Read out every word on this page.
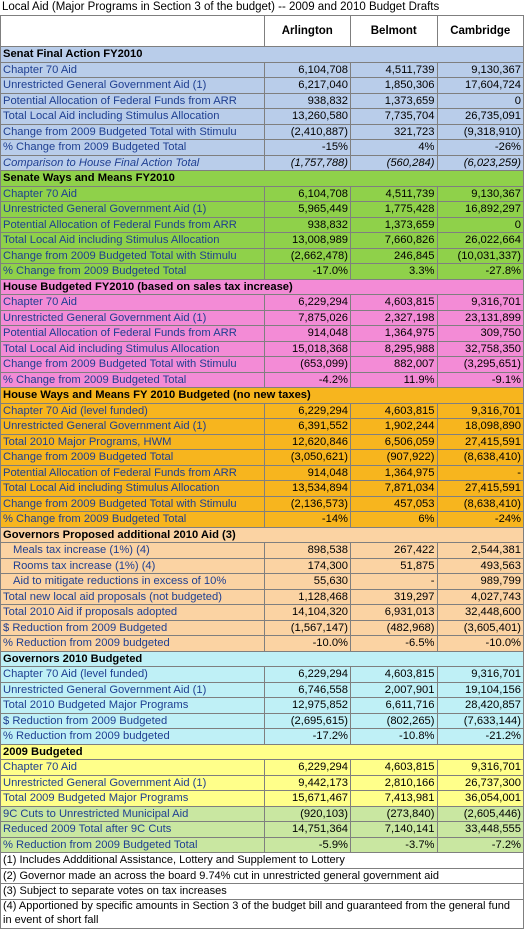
Local Aid (Major Programs in Section 3 of the budget) -- 2009 and 2010 Budget Drafts
	Arlington	Belmont	Cambridge
Senat Final Action FY2010			
Chapter 70 Aid	6,104,708	4,511,739	9,130,367
Unrestricted General Government Aid (1)	6,217,040	1,850,306	17,604,724
Potential Allocation of Federal Funds from ARR	938,832	1,373,659	0
Total Local Aid including Stimulus Allocation	13,260,580	7,735,704	26,735,091
Change from 2009 Budgeted Total with Stimulu	(2,410,887)	321,723	(9,318,910)
% Change from 2009 Budgeted Total	-15%	4%	-26%
Comparison to House Final Action Total	(1,757,788)	(560,284)	(6,023,259)
Senate Ways and Means FY2010			
Chapter 70 Aid	6,104,708	4,511,739	9,130,367
Unrestricted General Government Aid (1)	5,965,449	1,775,428	16,892,297
Potential Allocation of Federal Funds from ARR	938,832	1,373,659	0
Total Local Aid including Stimulus Allocation	13,008,989	7,660,826	26,022,664
Change from 2009 Budgeted Total with Stimulu	(2,662,478)	246,845	(10,031,337)
% Change from 2009 Budgeted Total	-17.0%	3.3%	-27.8%
House Budgeted FY2010 (based on sales tax increase)			
Chapter 70 Aid	6,229,294	4,603,815	9,316,701
Unrestricted General Government Aid (1)	7,875,026	2,327,198	23,131,899
Potential Allocation of Federal Funds from ARR	914,048	1,364,975	309,750
Total Local Aid including Stimulus Allocation	15,018,368	8,295,988	32,758,350
Change from 2009 Budgeted Total with Stimulu	(653,099)	882,007	(3,295,651)
% Change from 2009 Budgeted Total	-4.2%	11.9%	-9.1%
House Ways and Means FY 2010 Budgeted (no new taxes)			
Chapter 70 Aid (level funded)	6,229,294	4,603,815	9,316,701
Unrestricted General Government Aid (1)	6,391,552	1,902,244	18,098,890
Total 2010 Major Programs, HWM	12,620,846	6,506,059	27,415,591
Change from 2009 Budgeted Total	(3,050,621)	(907,922)	(8,638,410)
Potential Allocation of Federal Funds from ARR	914,048	1,364,975	-
Total Local Aid including Stimulus Allocation	13,534,894	7,871,034	27,415,591
Change from 2009 Budgeted Total with Stimulu	(2,136,573)	457,053	(8,638,410)
% Change from 2009 Budgeted Total	-14%	6%	-24%
Governors Proposed additional 2010 Aid (3)			
Meals tax increase (1%) (4)	898,538	267,422	2,544,381
Rooms tax increase (1%) (4)	174,300	51,875	493,563
Aid to mitigate reductions in excess of 10%	55,630	-	989,799
Total new local aid proposals (not budgeted)	1,128,468	319,297	4,027,743
Total 2010 Aid if proposals adopted	14,104,320	6,931,013	32,448,600
$ Reduction from 2009 Budgeted	(1,567,147)	(482,968)	(3,605,401)
% Reduction from 2009 budgeted	-10.0%	-6.5%	-10.0%
Governors 2010 Budgeted			
Chapter 70 Aid (level funded)	6,229,294	4,603,815	9,316,701
Unrestricted General Government Aid (1)	6,746,558	2,007,901	19,104,156
Total 2010 Budgeted Major Programs	12,975,852	6,611,716	28,420,857
$ Reduction from 2009 Budgeted	(2,695,615)	(802,265)	(7,633,144)
% Reduction from 2009 budgeted	-17.2%	-10.8%	-21.2%
2009 Budgeted			
Chapter 70 Aid	6,229,294	4,603,815	9,316,701
Unrestricted General Government Aid (1)	9,442,173	2,810,166	26,737,300
Total 2009 Budgeted Major Programs	15,671,467	7,413,981	36,054,001
9C Cuts to Unrestricted Municipal Aid	(920,103)	(273,840)	(2,605,446)
Reduced 2009 Total after 9C Cuts	14,751,364	7,140,141	33,448,555
% Reduction from 2009 Budgeted Total	-5.9%	-3.7%	-7.2%
(1) Includes Addditional Assistance, Lottery and Supplement to Lottery			
(2) Governor made an across the board 9.74% cut in unrestricted general government aid			
(3) Subject to separate votes on tax increases			
(4) Apportioned by specific amounts in Section 3 of the budget bill and guaranteed from the general fund in event of short fall			
